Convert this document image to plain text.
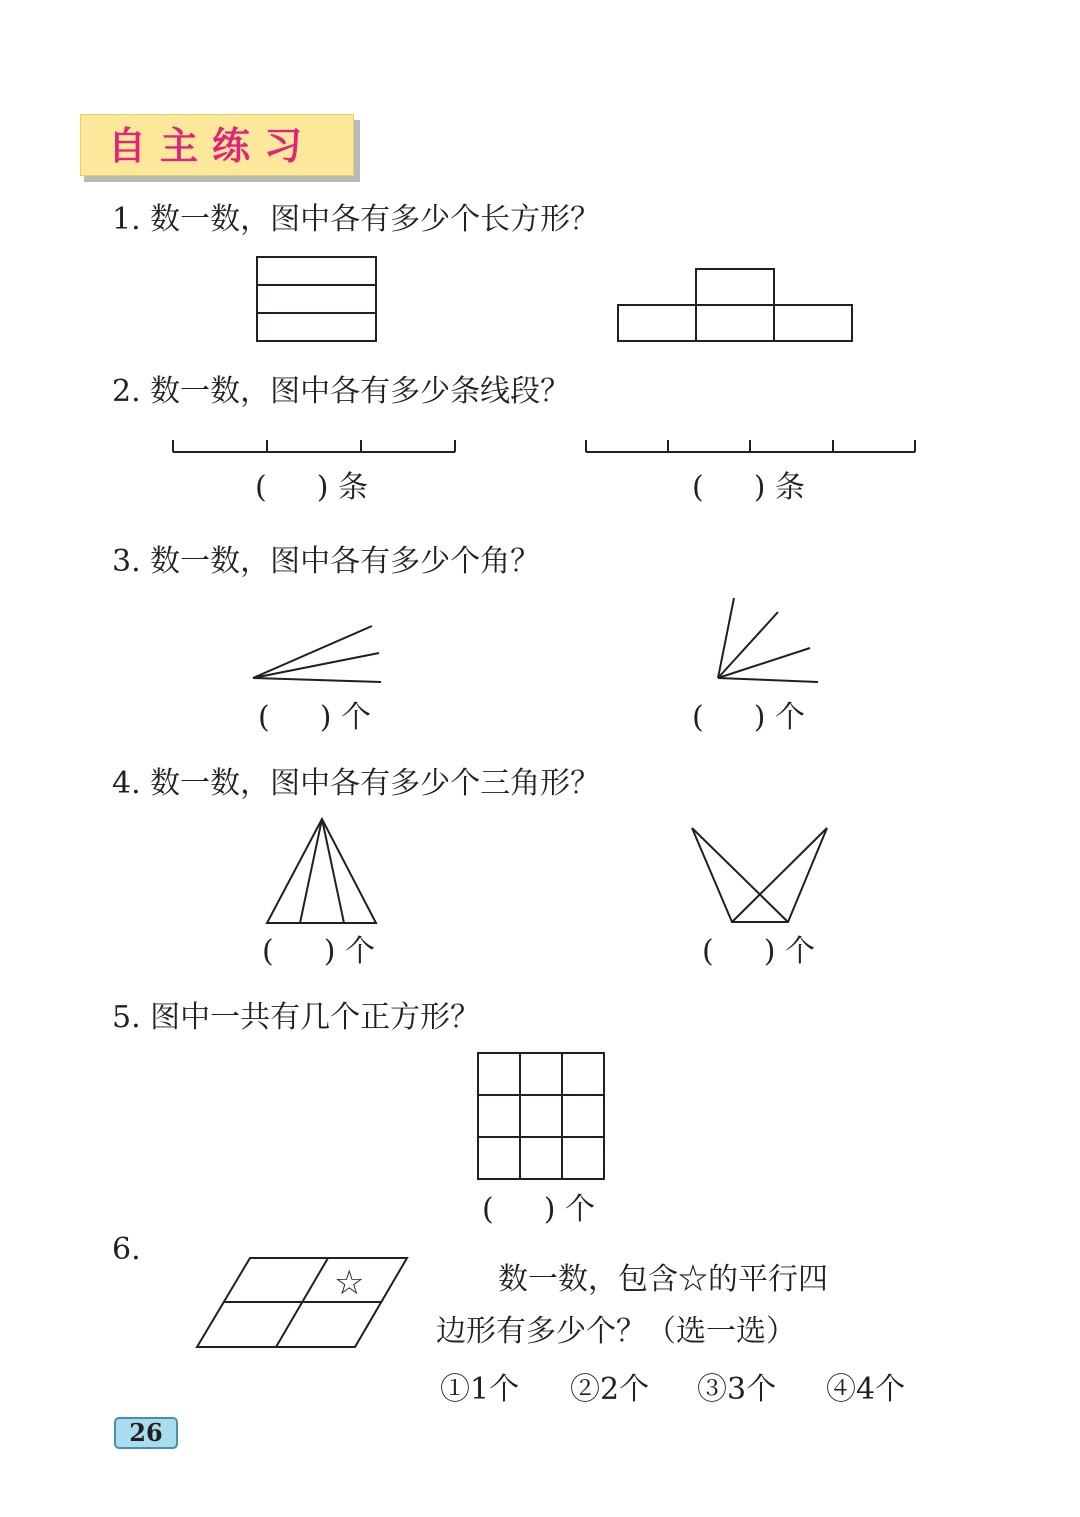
自主练习
1. 数一数，图中各有多少个长方形？
2. 数一数，图中各有多少条线段？
( ) 条	( ) 条
3. 数一数，图中各有多少个角？
( ) 个	( ) 个
4. 数一数，图中各有多少个三角形？
( ) 个	( ) 个
5. 图中一共有几个正方形？
( ) 个
6.
☆	数一数，包含☆的平行四
边形有多少个？（选一选）
①1个 ②2个 ③3个 ④4个
26
